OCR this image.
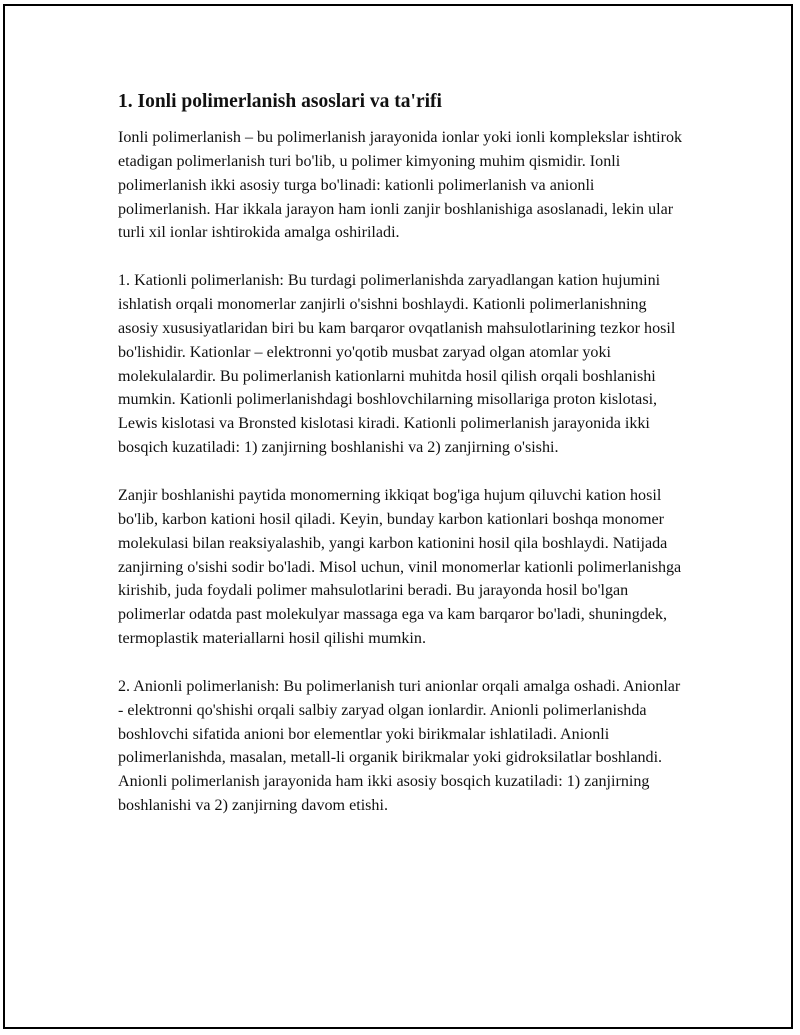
1. Ionli polimerlanish asoslari va ta'rifi

Ionli polimerlanish – bu polimerlanish jarayonida ionlar yoki ionli komplekslar ishtirok etadigan polimerlanish turi bo'lib, u polimer kimyoning muhim qismidir. Ionli polimerlanish ikki asosiy turga bo'linadi: kationli polimerlanish va anionli polimerlanish. Har ikkala jarayon ham ionli zanjir boshlanishiga asoslanadi, lekin ular turli xil ionlar ishtirokida amalga oshiriladi.

1. Kationli polimerlanish: Bu turdagi polimerlanishda zaryadlangan kation hujumini ishlatish orqali monomerlar zanjirli o'sishni boshlaydi. Kationli polimerlanishning asosiy xususiyatlaridan biri bu kam barqaror ovqatlanish mahsulotlarining tezkor hosil bo'lishidir. Kationlar – elektronni yo'qotib musbat zaryad olgan atomlar yoki molekulalardir. Bu polimerlanish kationlarni muhitda hosil qilish orqali boshlanishi mumkin. Kationli polimerlanishdagi boshlovchilarning misollariga proton kislotasi, Lewis kislotasi va Bronsted kislotasi kiradi. Kationli polimerlanish jarayonida ikki bosqich kuzatiladi: 1) zanjirning boshlanishi va 2) zanjirning o'sishi.

Zanjir boshlanishi paytida monomerning ikkiqat bog'iga hujum qiluvchi kation hosil bo'lib, karbon kationi hosil qiladi. Keyin, bunday karbon kationlari boshqa monomer molekulasi bilan reaksiyalashib, yangi karbon kationini hosil qila boshlaydi. Natijada zanjirning o'sishi sodir bo'ladi. Misol uchun, vinil monomerlar kationli polimerlanishga kirishib, juda foydali polimer mahsulotlarini beradi. Bu jarayonda hosil bo'lgan polimerlar odatda past molekulyar massaga ega va kam barqaror bo'ladi, shuningdek, termoplastik materiallarni hosil qilishi mumkin.

2. Anionli polimerlanish: Bu polimerlanish turi anionlar orqali amalga oshadi. Anionlar - elektronni qo'shishi orqali salbiy zaryad olgan ionlardir. Anionli polimerlanishda boshlovchi sifatida anioni bor elementlar yoki birikmalar ishlatiladi. Anionli polimerlanishda, masalan, metall-li organik birikmalar yoki gidroksilatlar boshlandi. Anionli polimerlanish jarayonida ham ikki asosiy bosqich kuzatiladi: 1) zanjirning boshlanishi va 2) zanjirning davom etishi.
